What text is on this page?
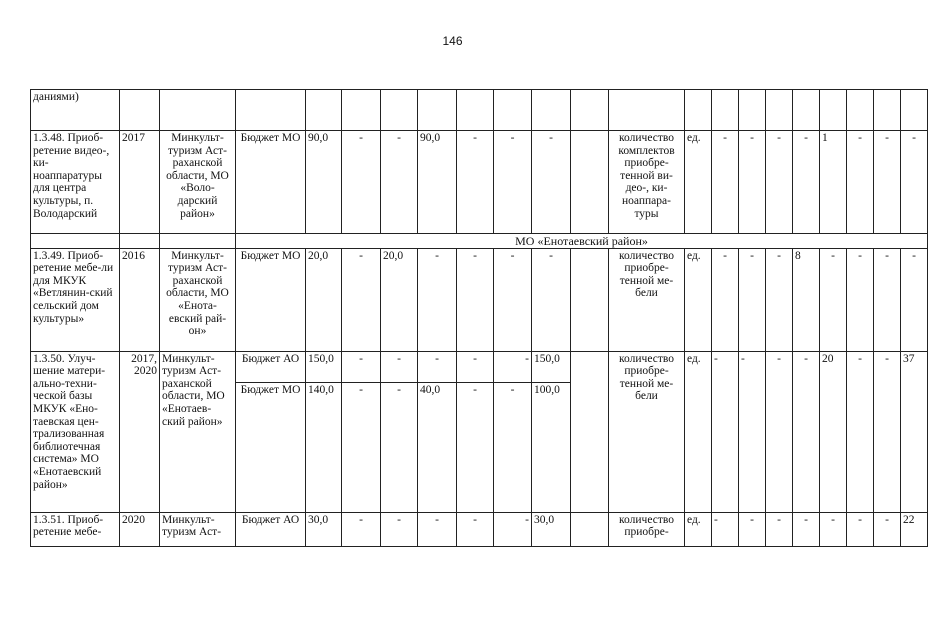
146
даниями)																					
1.3.48. Приоб-ретение видео-, ки-ноаппаратуры для центра культуры, п. Володарский	2017	Минкульт-туризм Аст-раханской области, МО «Воло-дарский район»	Бюджет МО	90,0	-	-	90,0	-	-	-		количество комплектов приобре-тенной ви-део-, ки-ноаппара-туры	ед.	-	-	-	-	1	-	-	-
			МО «Енотаевский район»																		
1.3.49. Приоб-ретение мебе-ли для МКУК «Ветлянин-ский сельский дом культуры»	2016	Минкульт-туризм Аст-раханской области, МО «Енота-евский рай-он»	Бюджет МО	20,0	-	20,0	-	-	-	-		количество приобре-тенной ме-бели	ед.	-	-	-	8	-	-	-	-
1.3.50. Улуч-шение матери-ально-техни-ческой базы МКУК «Ено-таевская цен-трализованная библиотечная система» МО «Енотаевский район»	2017, 2020	Минкульт-туризм Аст-раханской области, МО «Енотаев-ский район»	Бюджет АО	150,0	-	-	-	-	-	150,0		количество приобре-тенной ме-бели	ед.	-	-	-	-	20	-	-	37
			Бюджет МО	140,0	-	-	40,0	-	-	100,0											
1.3.51. Приоб-ретение мебе-	2020	Минкульт-туризм Аст-	Бюджет АО	30,0	-	-	-	-	-	30,0		количество приобре-	ед.	-	-	-	-	-	-	-	22
